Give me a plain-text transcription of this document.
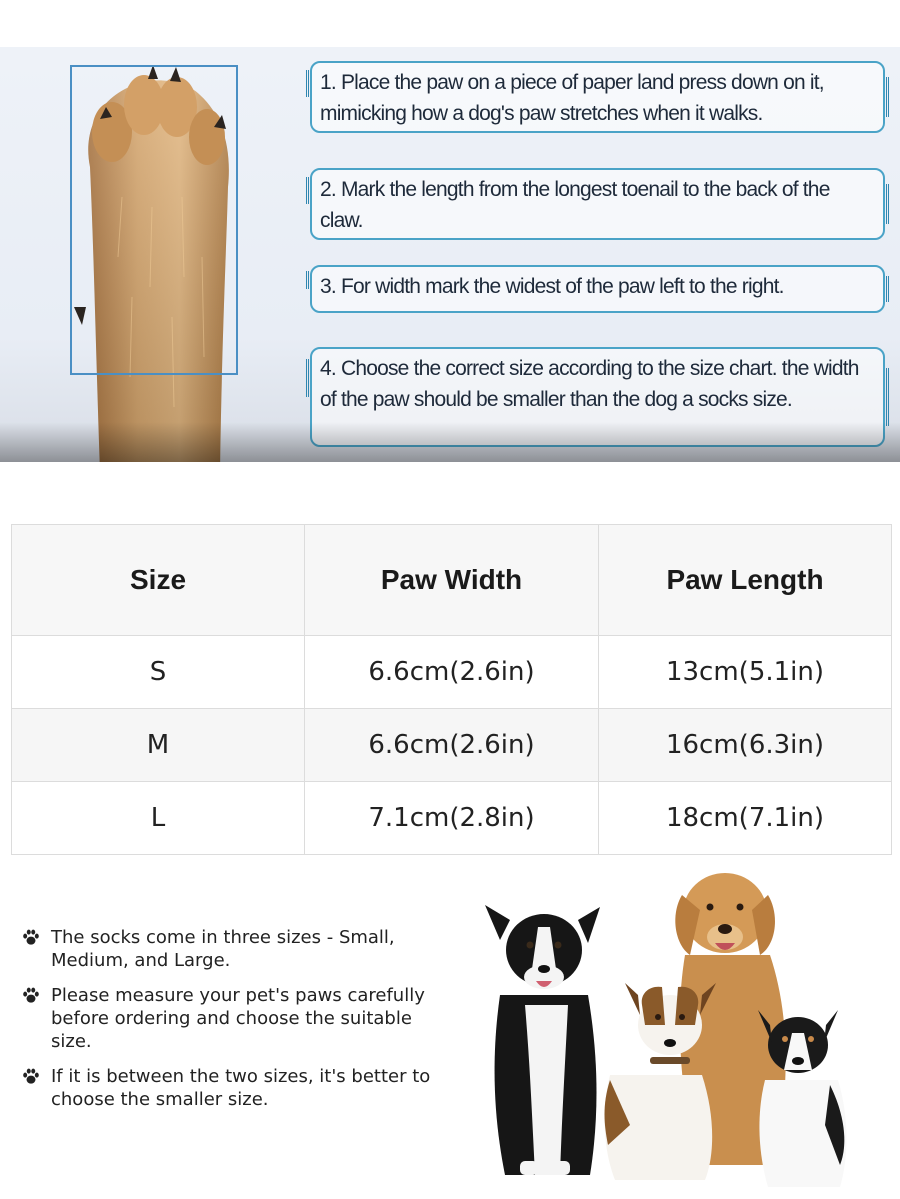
1. Place the paw on a piece of paper land press down on it, mimicking how a dog's paw stretches when it walks.
2. Mark the length from the longest toenail to the back of the claw.
3. For width mark the widest of the paw left to the right.
4. Choose the correct size according to the size chart. the width of the paw should be smaller than the dog a socks size.
Size	Paw Width	Paw Length
S	6.6cm(2.6in)	13cm(5.1in)
M	6.6cm(2.6in)	16cm(6.3in)
L	7.1cm(2.8in)	18cm(7.1in)
The socks come in three sizes - Small, Medium, and Large.
Please measure your pet's paws carefully before ordering and choose the suitable size.
If it is between the two sizes, it's better to choose the smaller size.
